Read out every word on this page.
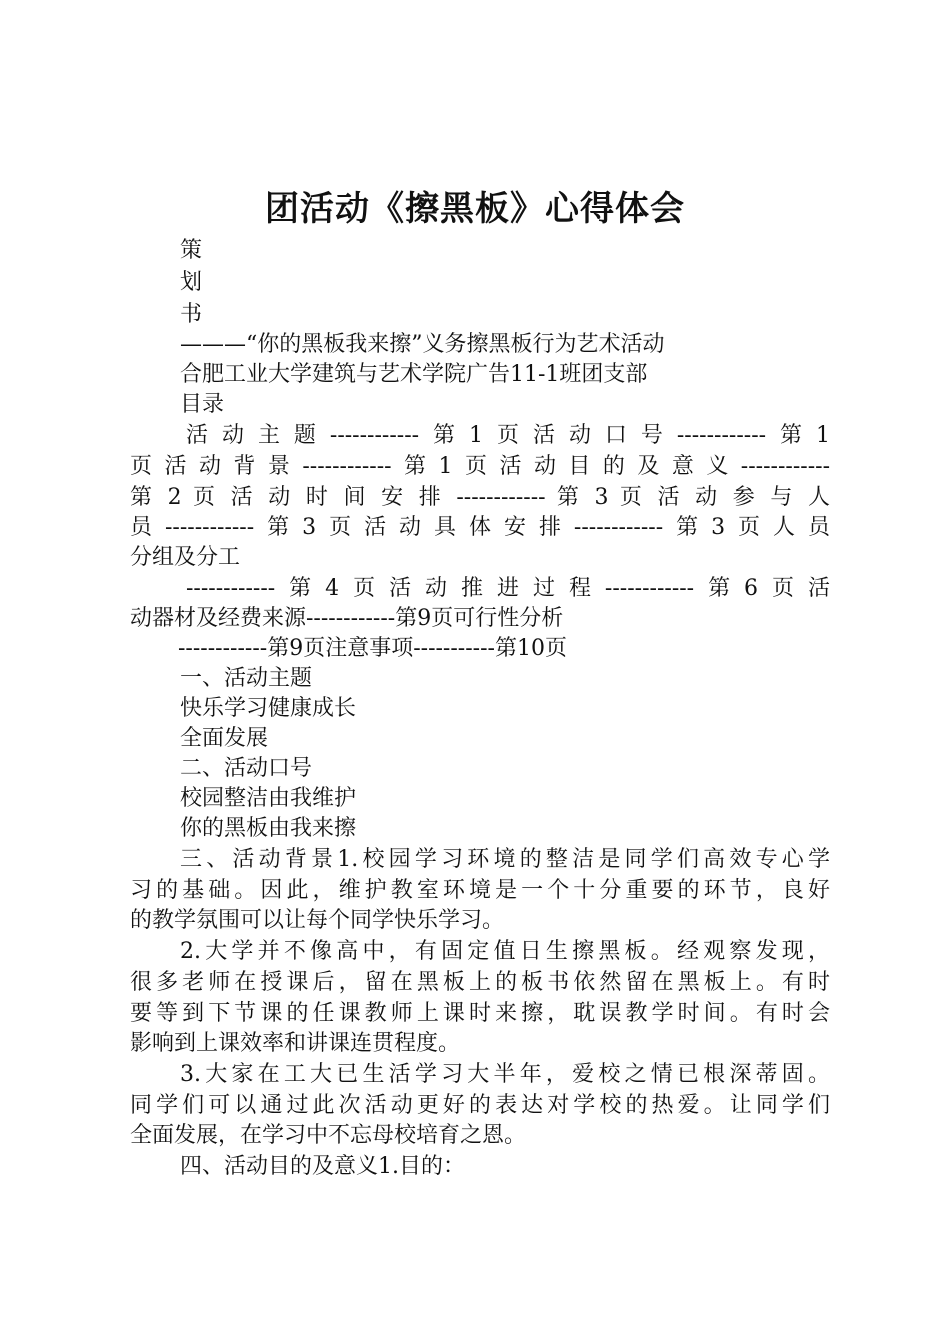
团活动《擦黑板》心得体会
策
划
书
———“你的黑板我来擦”义务擦黑板行为艺术活动
合肥工业大学建筑与艺术学院广告11-1班团支部
目录
活动主题------------第1页活动口号------------第1
页活动背景------------第1页活动目的及意义------------
第 2 页 活 动 时 间 安 排 ------------ 第 3 页 活 动 参 与 人
员------------第3页活动具体安排------------第3页人员
分组及分工
------------第4页活动推进过程------------第6页活
动器材及经费来源------------第9页可行性分析
------------第9页注意事项-----------第10页
一、活动主题
快乐学习健康成长
全面发展
二、活动口号
校园整洁由我维护
你的黑板由我来擦
三、活动背景1.校园学习环境的整洁是同学们高效专心学
习的基础。因此，维护教室环境是一个十分重要的环节，良好
的教学氛围可以让每个同学快乐学习。
2.大学并不像高中，有固定值日生擦黑板。经观察发现，
很多老师在授课后，留在黑板上的板书依然留在黑板上。有时
要等到下节课的任课教师上课时来擦，耽误教学时间。有时会
影响到上课效率和讲课连贯程度。
3.大家在工大已生活学习大半年，爱校之情已根深蒂固。
同学们可以通过此次活动更好的表达对学校的热爱。让同学们
全面发展，在学习中不忘母校培育之恩。
四、活动目的及意义1.目的：
